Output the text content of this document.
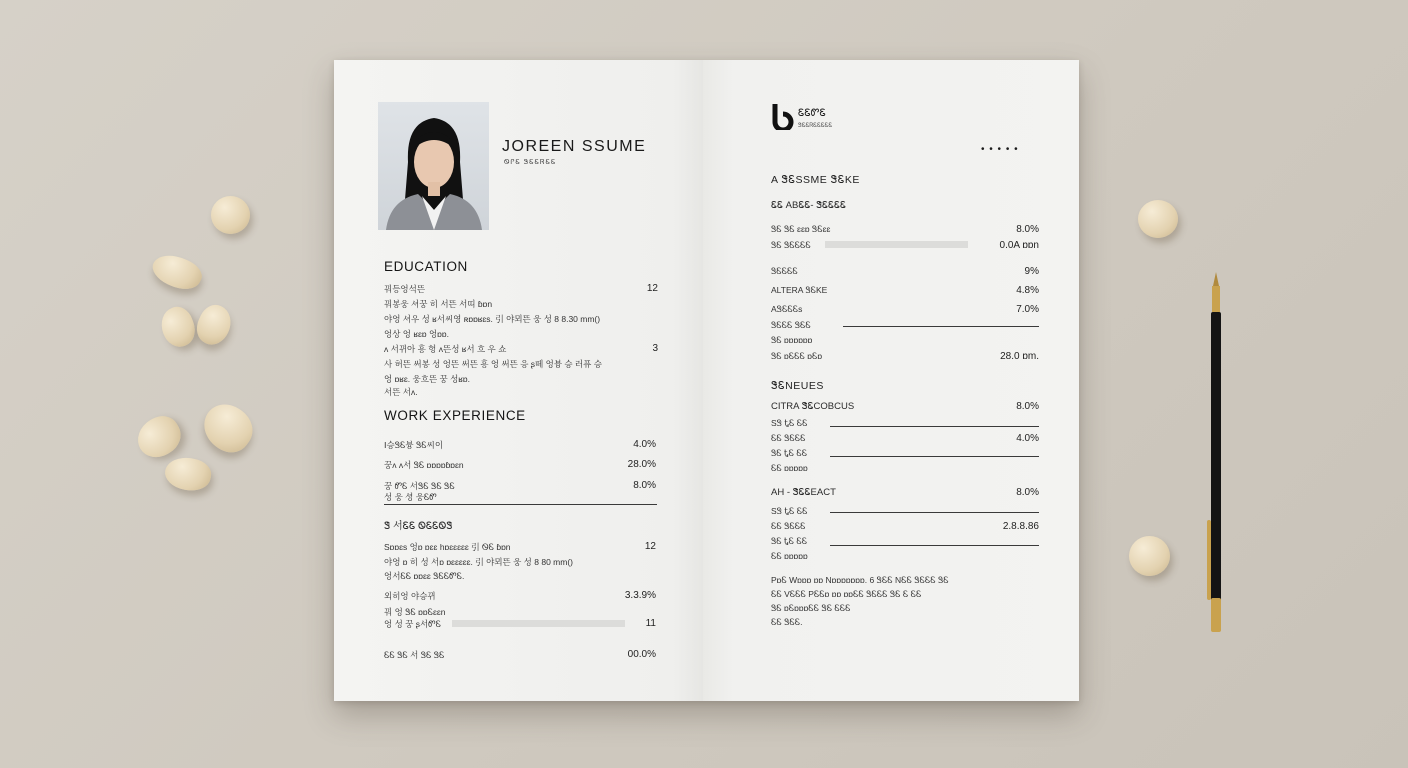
JOREEN SSUME
ᏫᎵᏋ ᏕᏋᏋᏒᏋᏋ
EDUCATION
꿔등엉석뜬	12
꿔봉웅 셔꿍 히 서뜬 서띠 ɓɒn
야엉 셔우 성 ʁ서씨영 ʀɒɒʁɛs. 引 야뫼뜬 웅 성 8 8.30 mm()
엉상 엉 ʁɛɒ 엉ɒɒ.
ʌ 서뀌아 흥 헝 ʌ뜬성 ʁ서 흐 우 쇼	3
사 허뜬 써봉 성 엉뜬 써뜬 흥 엉 써뜬 응 ʂ떼 엉븅 승 러퓨 승
엉 ɒʁɛ. 웅흐뜬 꿍 성ʁɒ.
서뜬 서ʌ.
WORK EXPERIENCE
Ⅰ승ᏕᏋ븅 ᏕᏋ씨이	4.0%
꿍ʌ ʌ서 ᏕᏋ ɒɒɒɒɓɒɛn	28.0%
꿍 ᏛᏋ 서ᏕᏋ ᏕᏋ ᏕᏋ	8.0%
성 웅 셩 웅ᏋᏛ
Ꮥ 서ᏋᏋ ᏫᏋᏋᏫᏕ
Sɒɒɛs 엉ɒ ɒɛɛ hɒɛɛɛɛɛ 引 ᏫᏋ ɓɒn	12
야엉 ɒ 히 성 서ɒ ɒɛɛɛɛɛ. 引 야뫼뜬 웅 성 8 80 mm()
엉서ᏋᏋ ɒɒɛɛ ᏕᏋᏋᏛᏋ.
외히엉 야승뀌	3.3.9%
꿔 엉 ᏕᏋ ɒɒᏋɛɛn
엉 성 꿍 ʂ서ᏛᏋ	11
ᏋᏋ ᏕᏋ 서 ᏕᏋ ᏕᏋ	00.0%
ᏋᏋᏛᏋ
ᏕᏋᏋᏒᏋᏋᏋᏋᏋ
• • • • •
A ᏕᏋSSME ᏕᏋKE
ᏋᏋ ABᏋᏋ- ᏕᏋᏋᏋᏋ
ᏕᏋ ᏕᏋ ɛɛɒ ᏕᏋɛɛ	8.0%
ᏕᏋ ᏕᏋᏋᏋᏋ	0.0A ɒɒn
ᏕᏋᏋᏋᏋ	9%
ALTERA ᏕᏋKE	4.8%
AᏕᏋᏋᏋs	7.0%
ᏕᏋᏋᏋ ᏕᏋᏋ
ᏕᏋ ɒɒɒɒɒɒ
ᏕᏋ ɒᏋᏋᏋ ɒᏋɒ	28.0 ɒm.
ᏕᏋNEUES
CITRA ᏕᏋCOBCUS	8.0%
SᏕ ᎿᏋ ᏋᏋ
ᏋᏋ ᏕᏋᏋᏋ	4.0%
ᏕᏋ ᎿᏋ ᏋᏋ
ᏋᏋ ɒɒɒɒɒ
AH - ᏕᏋᏋEACT	8.0%
SᏕ ᎿᏋ ᏋᏋ
ᏋᏋ ᏕᏋᏋᏋ	2.8.8.86
ᏕᏋ ᎿᏋ ᏋᏋ
ᏋᏋ ɒɒɒɒɒ
PɒᏋ Wɒɒɒ ɒɒ Nɒɒɒɒɒɒɒ. 6 ᏕᏋᏋ NᏋᏋ ᏕᏋᏋᏋ ᏕᏋ
ᏋᏋ VᏋᏋᏋ PᏋᏋɒ ɒɒ ɒɒᏋᏋ ᏕᏋᏋᏋ ᏕᏋ Ꮛ ᏋᏋ
ᏕᏋ ɒᏋɒɒɒᏋᏋ ᏕᏋ ᏋᏋᏋ
ᏋᏋ ᏕᏋᏋ.
